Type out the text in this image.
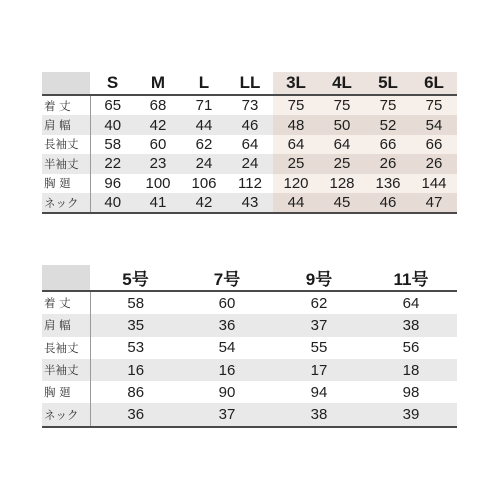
	S	M	L	LL	3L	4L	5L	6L
着 丈	65	68	71	73	75	75	75	75
肩 幅	40	42	44	46	48	50	52	54
長袖丈	58	60	62	64	64	64	66	66
半袖丈	22	23	24	24	25	25	26	26
胸 廻	96	100	106	112	120	128	136	144
ネック	40	41	42	43	44	45	46	47
	5号	7号	9号	11号
着 丈	58	60	62	64
肩 幅	35	36	37	38
長袖丈	53	54	55	56
半袖丈	16	16	17	18
胸 廻	86	90	94	98
ネック	36	37	38	39
